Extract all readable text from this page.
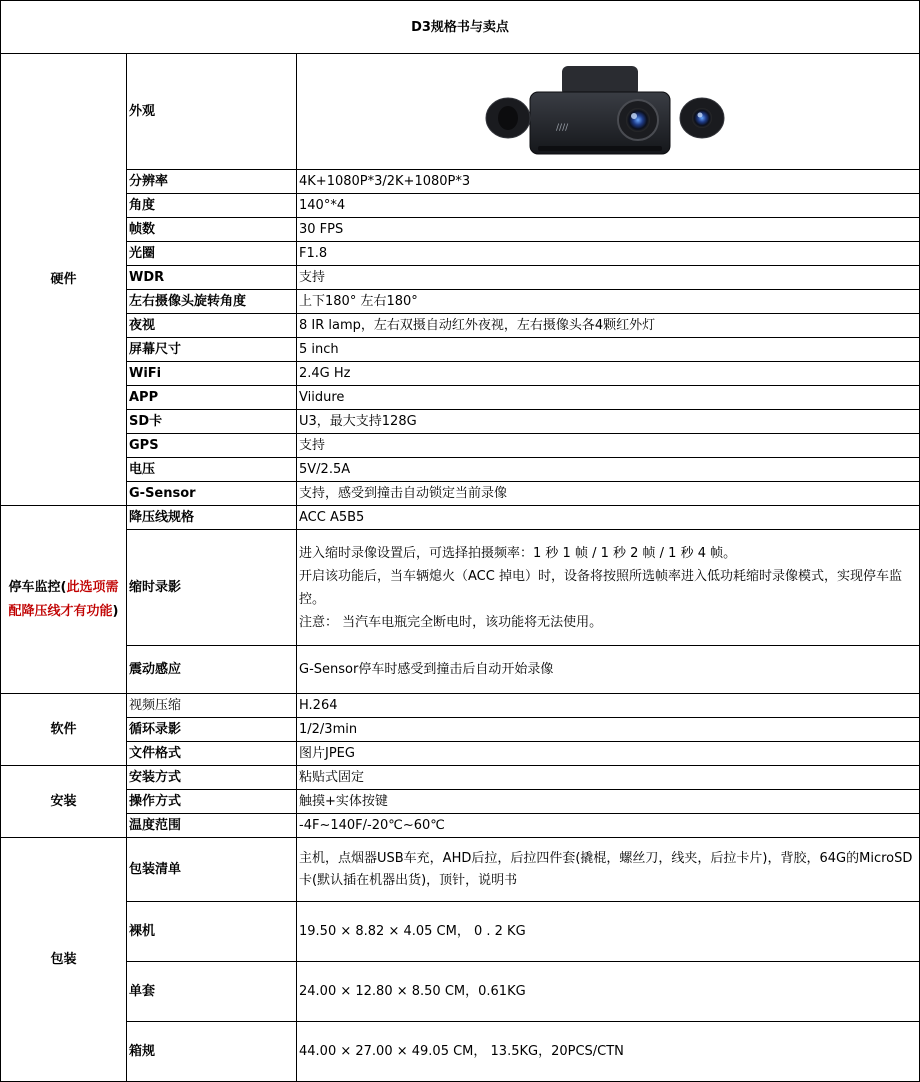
D3规格书与卖点		
硬件	外观	////

	分辨率	4K+1080P*3/2K+1080P*3
	角度	140°*4
	帧数	30 FPS
	光圈	F1.8
	WDR	支持
	左右摄像头旋转角度	上下180° 左右180°
	夜视	8 IR lamp，左右双摄自动红外夜视，左右摄像头各4颗红外灯
	屏幕尺寸	5 inch
	WiFi	2.4G Hz
	APP	Viidure
	SD卡	U3，最大支持128G
	GPS	支持
	电压	5V/2.5A
	G-Sensor	支持，感受到撞击自动锁定当前录像
停车监控(此选项需配降压线才有功能)	降压线规格	ACC A5B5
	缩时录影	进入缩时录像设置后，可选择拍摄频率：1 秒 1 帧 / 1 秒 2 帧 / 1 秒 4 帧。
开启该功能后，当车辆熄火（ACC 掉电）时，设备将按照所选帧率进入低功耗缩时录像模式，实现停车监控。
注意： 当汽车电瓶完全断电时，该功能将无法使用。

	震动感应	G-Sensor停车时感受到撞击后自动开始录像
软件	视频压缩	H.264
	循环录影	1/2/3min
	文件格式	图片JPEG
安装	安装方式	粘贴式固定
	操作方式	触摸+实体按键
	温度范围	-4F~140F/-20℃~60℃
包装	包装清单	主机，点烟器USB车充，AHD后拉，后拉四件套(撬棍，螺丝刀，线夹，后拉卡片)，背胶，64G的MicroSD卡(默认插在机器出货)，顶针，说明书
	裸机	19.50 × 8.82 × 4.05 CM， 0 . 2 KG
	单套	24.00 × 12.80 × 8.50 CM，0.61KG
	箱规	44.00 × 27.00 × 49.05 CM， 13.5KG，20PCS/CTN
